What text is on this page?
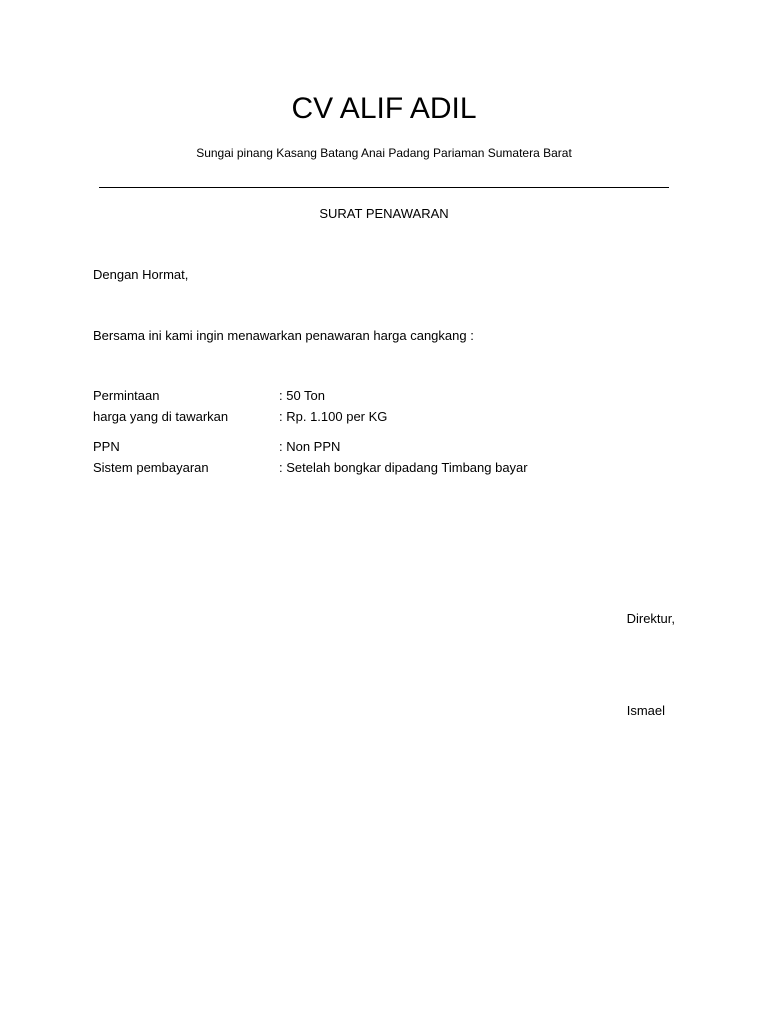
CV ALIF ADIL
Sungai pinang Kasang Batang Anai Padang Pariaman Sumatera Barat
SURAT PENAWARAN
Dengan Hormat,
Bersama ini kami ingin menawarkan penawaran harga cangkang :
Permintaan	: 50 Ton
harga yang di tawarkan	: Rp. 1.100 per KG
PPN	: Non PPN
Sistem pembayaran	: Setelah bongkar dipadang Timbang bayar
Direktur,
Ismael
